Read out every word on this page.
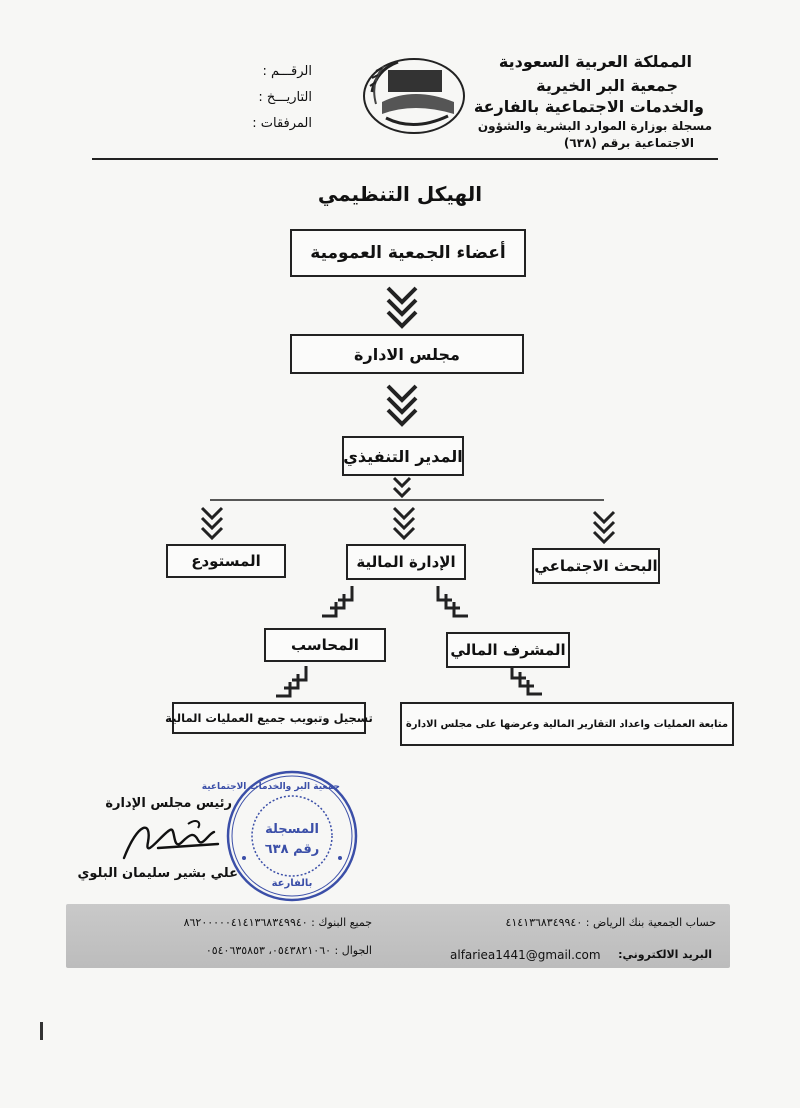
المملكة العربية السعودية
جمعية البر الخيرية
والخدمات الاجتماعية بالفارعة
مسجلة بوزارة الموارد البشرية والشؤون
الاجتماعية برقم (٦٣٨)
الرقـــم :
التاريـــخ :
المرفقات :
الهيكل التنظيمي
أعضاء الجمعية العمومية
مجلس الادارة
المدير التنفيذي
البحث الاجتماعي
الإدارة المالية
المستودع
المشرف المالي
المحاسب
متابعة العمليات واعداد التقارير المالية وعرضها على مجلس الادارة
تسجيل وتبويب جميع العمليات المالية
رئيس مجلس الإدارة
علي بشير سليمان البلوي
جمعية البر والخدمات الاجتماعية
المسجلة
رقم ٦٣٨
بالفارعة
حساب الجمعية بنك الرياض : ٤١٤١٣٦٨٣٤٩٩٤٠
جميع البنوك : ٨٦٢٠٠٠٠٠٤١٤١٣٦٨٣٤٩٩٤٠
البريد الالكتروني:
alfariea1441@gmail.com
الجوال : ٠٥٤٣٨٢١٠٦٠، ٠٥٤٠٦٣٥٨٥٣
